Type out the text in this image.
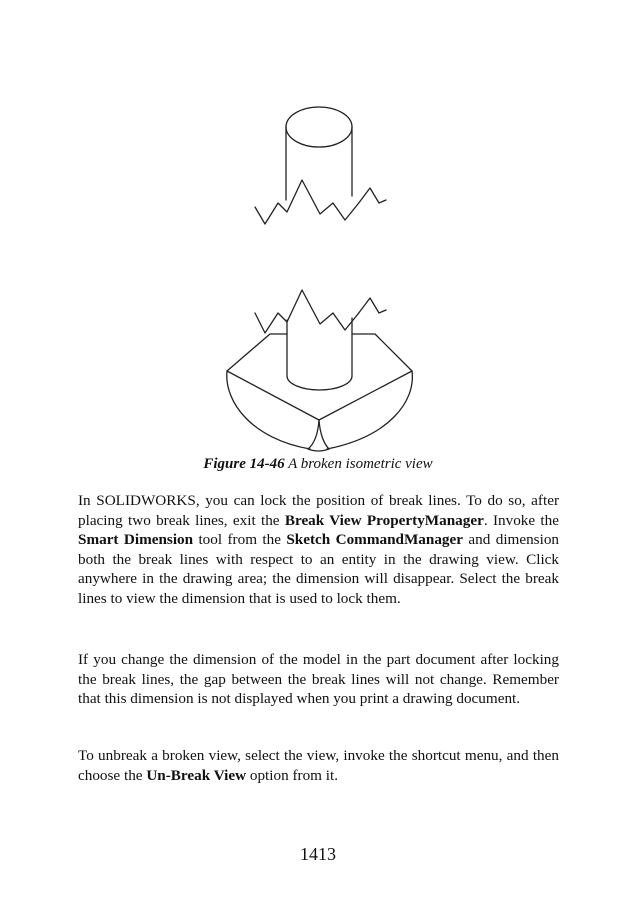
Figure 14-46 A broken isometric view

In SOLIDWORKS, you can lock the position of break lines. To do so, after placing two break lines, exit the Break View PropertyManager. Invoke the Smart Dimension tool from the Sketch CommandManager and dimension both the break lines with respect to an entity in the drawing view. Click anywhere in the drawing area; the dimension will disappear. Select the break lines to view the dimension that is used to lock them.

If you change the dimension of the model in the part document after locking the break lines, the gap between the break lines will not change. Remember that this dimension is not displayed when you print a drawing document.

To unbreak a broken view, select the view, invoke the shortcut menu, and then choose the Un-Break View option from it.

1413
